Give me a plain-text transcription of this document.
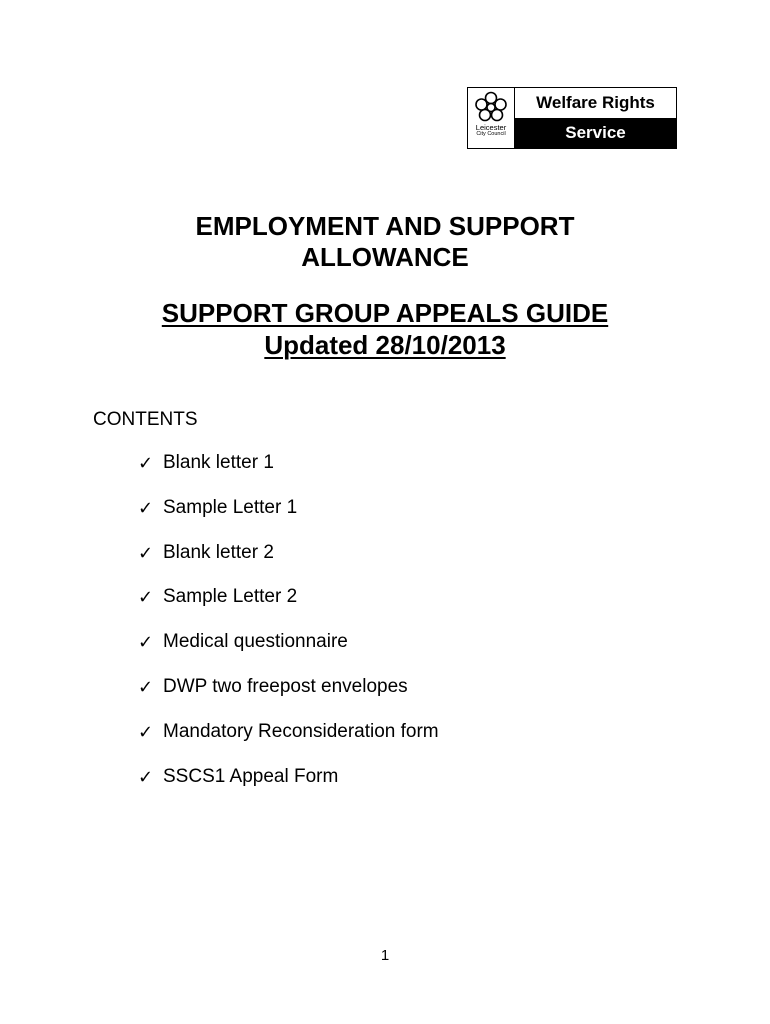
Leicester
City Council
Welfare Rights
Service
EMPLOYMENT AND SUPPORT
ALLOWANCE
SUPPORT GROUP APPEALS GUIDE
Updated 28/10/2013

CONTENTS

✓ Blank letter 1
✓ Sample Letter 1
✓ Blank letter 2
✓ Sample Letter 2
✓ Medical questionnaire
✓ DWP two freepost envelopes
✓ Mandatory Reconsideration form
✓ SSCS1 Appeal Form
1
